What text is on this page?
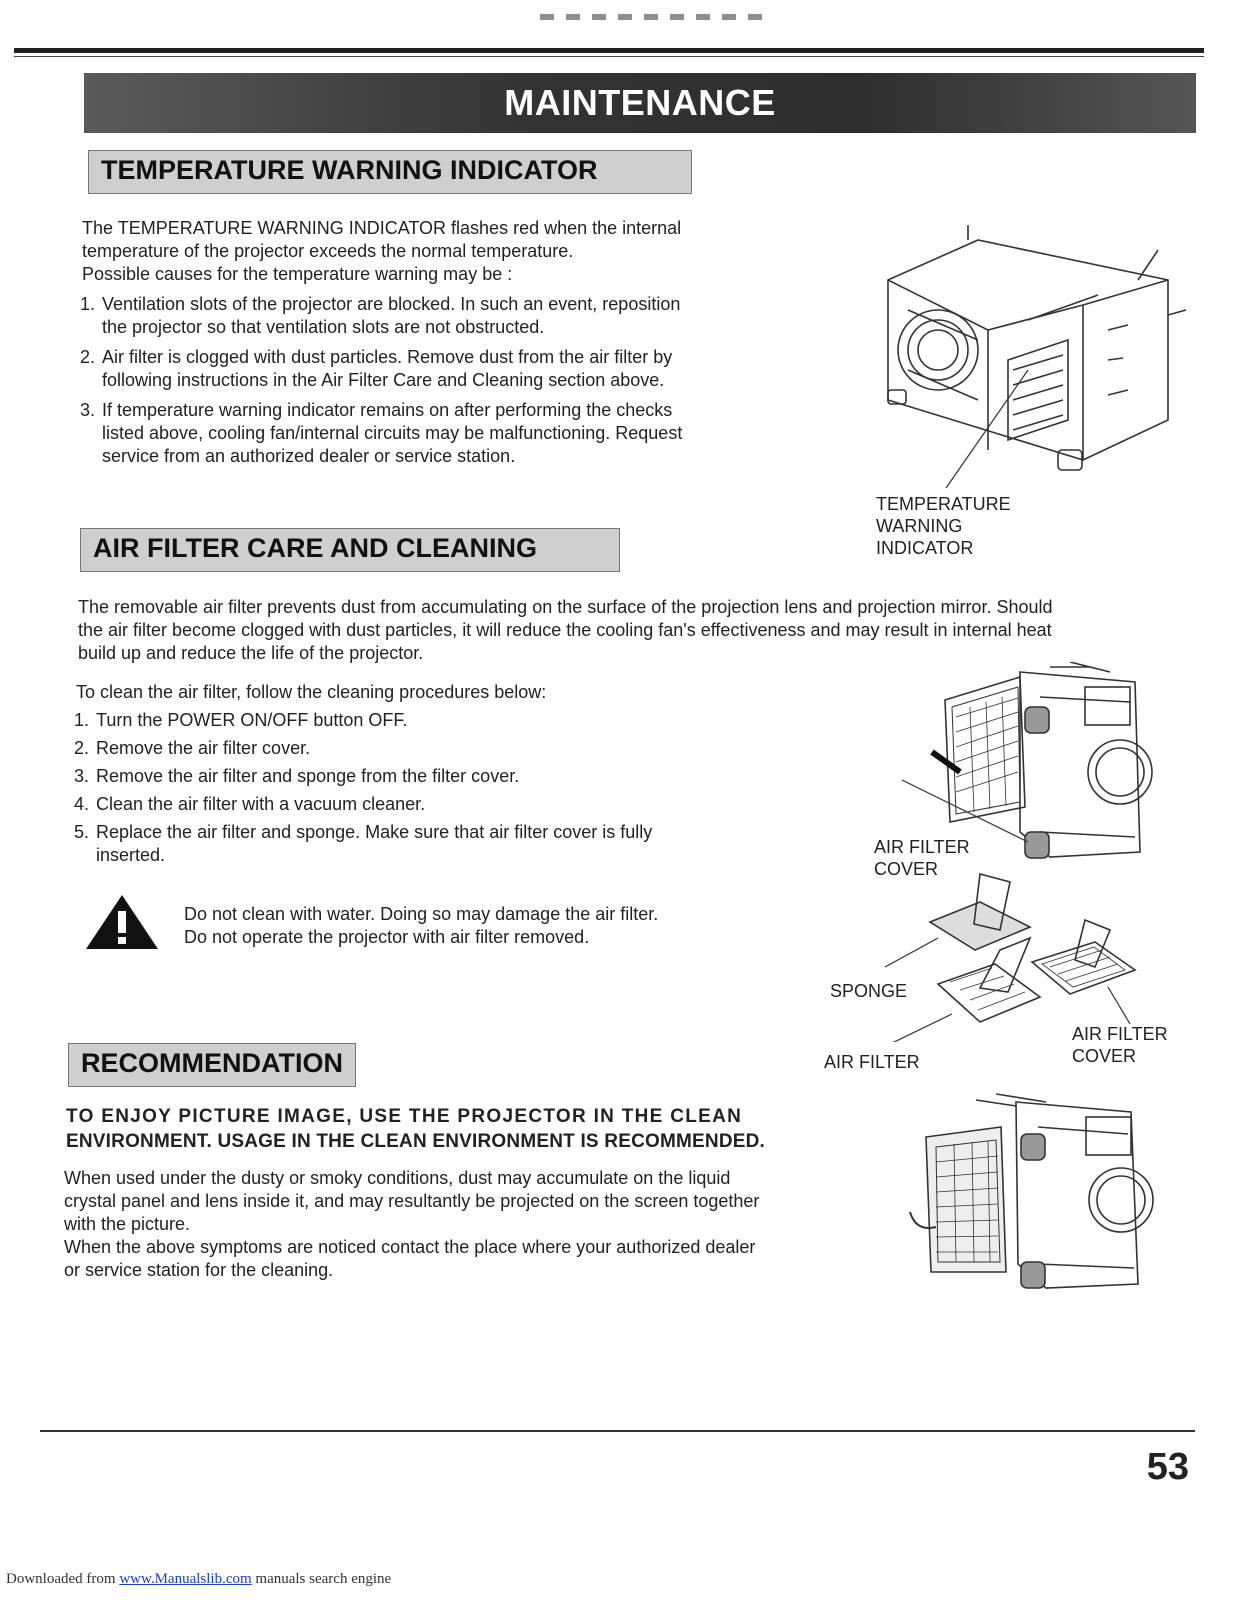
MAINTENANCE
TEMPERATURE WARNING INDICATOR
The TEMPERATURE WARNING INDICATOR flashes red when the internal
temperature of the projector exceeds the normal temperature.
Possible causes for the temperature warning may be :
1. Ventilation slots of the projector are blocked. In such an event, reposition
the projector so that ventilation slots are not obstructed.
2. Air filter is clogged with dust particles. Remove dust from the air filter by
following instructions in the Air Filter Care and Cleaning section above.
3. If temperature warning indicator remains on after performing the checks
listed above, cooling fan/internal circuits may be malfunctioning. Request
service from an authorized dealer or service station.
TEMPERATURE
WARNING
INDICATOR
AIR FILTER CARE AND CLEANING
The removable air filter prevents dust from accumulating on the surface of the projection lens and projection mirror. Should
the air filter become clogged with dust particles, it will reduce the cooling fan's effectiveness and may result in internal heat
build up and reduce the life of the projector.
To clean the air filter, follow the cleaning procedures below:
1. Turn the POWER ON/OFF button OFF.
2. Remove the air filter cover.
3. Remove the air filter and sponge from the filter cover.
4. Clean the air filter with a vacuum cleaner.
5. Replace the air filter and sponge. Make sure that air filter cover is fully
inserted.
Do not clean with water. Doing so may damage the air filter.
Do not operate the projector with air filter removed.
AIR FILTER
COVER
SPONGE
AIR FILTER
AIR FILTER
COVER
RECOMMENDATION
TO ENJOY PICTURE IMAGE, USE THE PROJECTOR IN THE CLEAN
ENVIRONMENT. USAGE IN THE CLEAN ENVIRONMENT IS RECOMMENDED.
When used under the dusty or smoky conditions, dust may accumulate on the liquid
crystal panel and lens inside it, and may resultantly be projected on the screen together
with the picture.
When the above symptoms are noticed contact the place where your authorized dealer
or service station for the cleaning.
53
Downloaded from www.Manualslib.com manuals search engine
